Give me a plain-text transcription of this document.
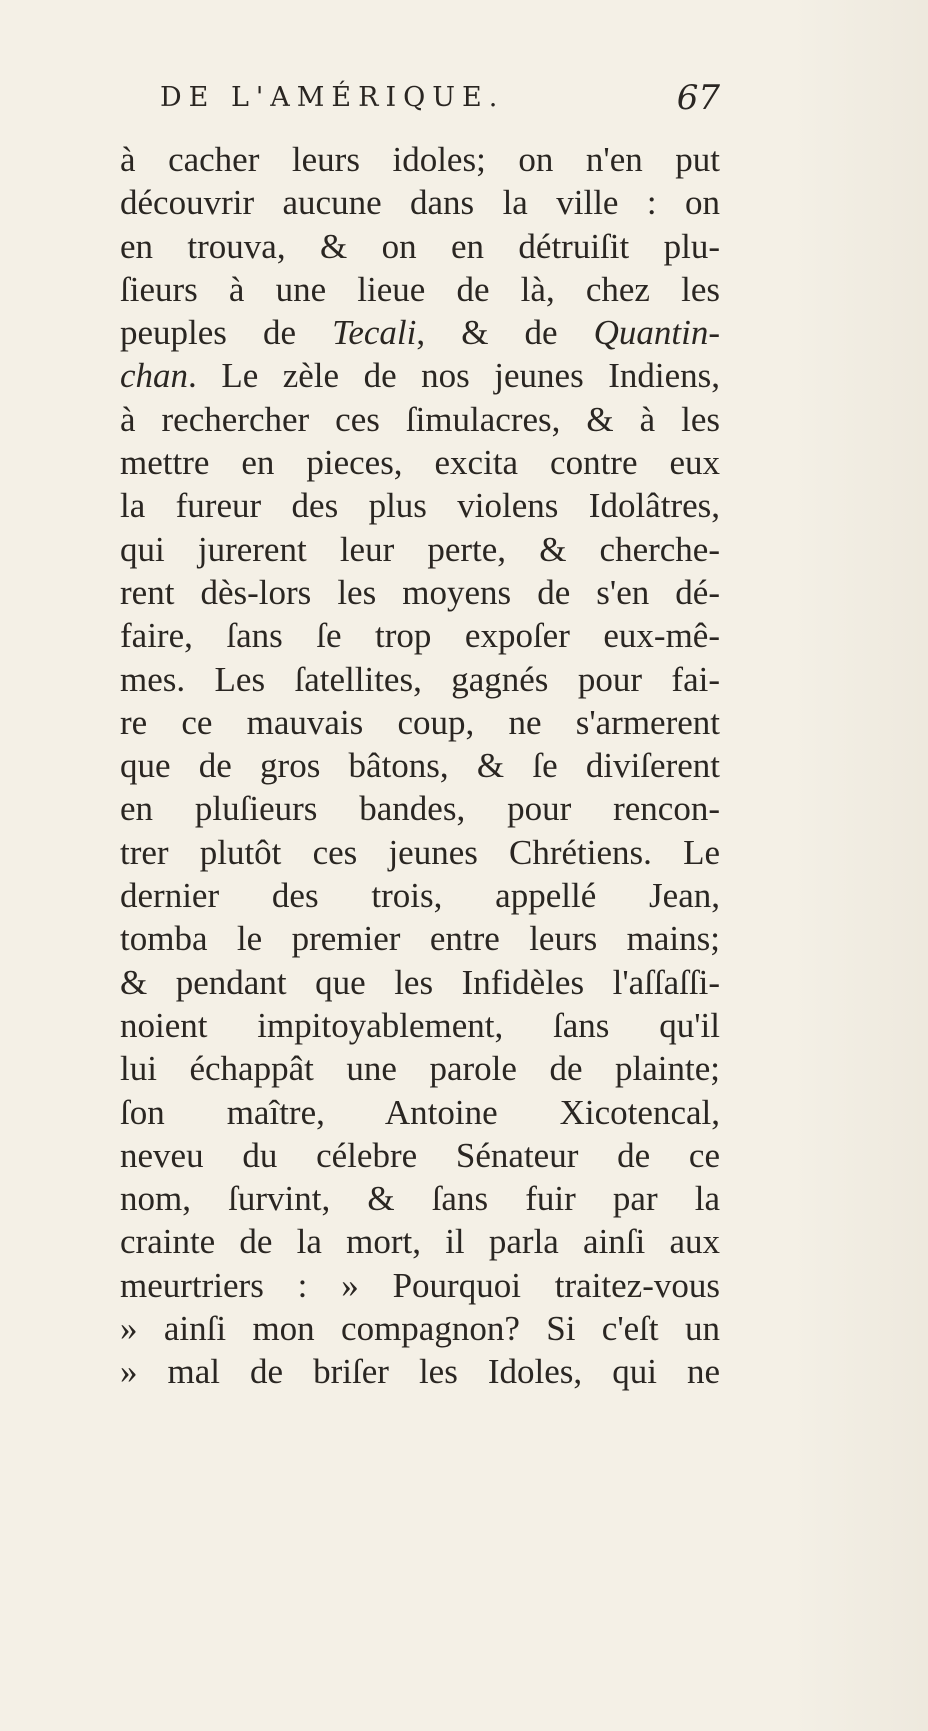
DE L'AMÉRIQUE.	67
à cacher leurs idoles; on n'en put
découvrir aucune dans la ville : on
en trouva, & on en détruiſit plu-
ſieurs à une lieue de là, chez les
peuples de Tecali, & de Quantin-
chan. Le zèle de nos jeunes Indiens,
à rechercher ces ſimulacres, & à les
mettre en pieces, excita contre eux
la fureur des plus violens Idolâtres,
qui jurerent leur perte, & cherche-
rent dès-lors les moyens de s'en dé-
faire, ſans ſe trop expoſer eux-mê-
mes. Les ſatellites, gagnés pour fai-
re ce mauvais coup, ne s'armerent
que de gros bâtons, & ſe diviſerent
en pluſieurs bandes, pour rencon-
trer plutôt ces jeunes Chrétiens. Le
dernier des trois, appellé Jean,
tomba le premier entre leurs mains;
& pendant que les Infidèles l'aſſaſſi-
noient impitoyablement, ſans qu'il
lui échappât une parole de plainte;
ſon maître, Antoine Xicotencal,
neveu du célebre Sénateur de ce
nom, ſurvint, & ſans fuir par la
crainte de la mort, il parla ainſi aux
meurtriers : » Pourquoi traitez-vous
» ainſi mon compagnon? Si c'eſt un
» mal de briſer les Idoles, qui ne
